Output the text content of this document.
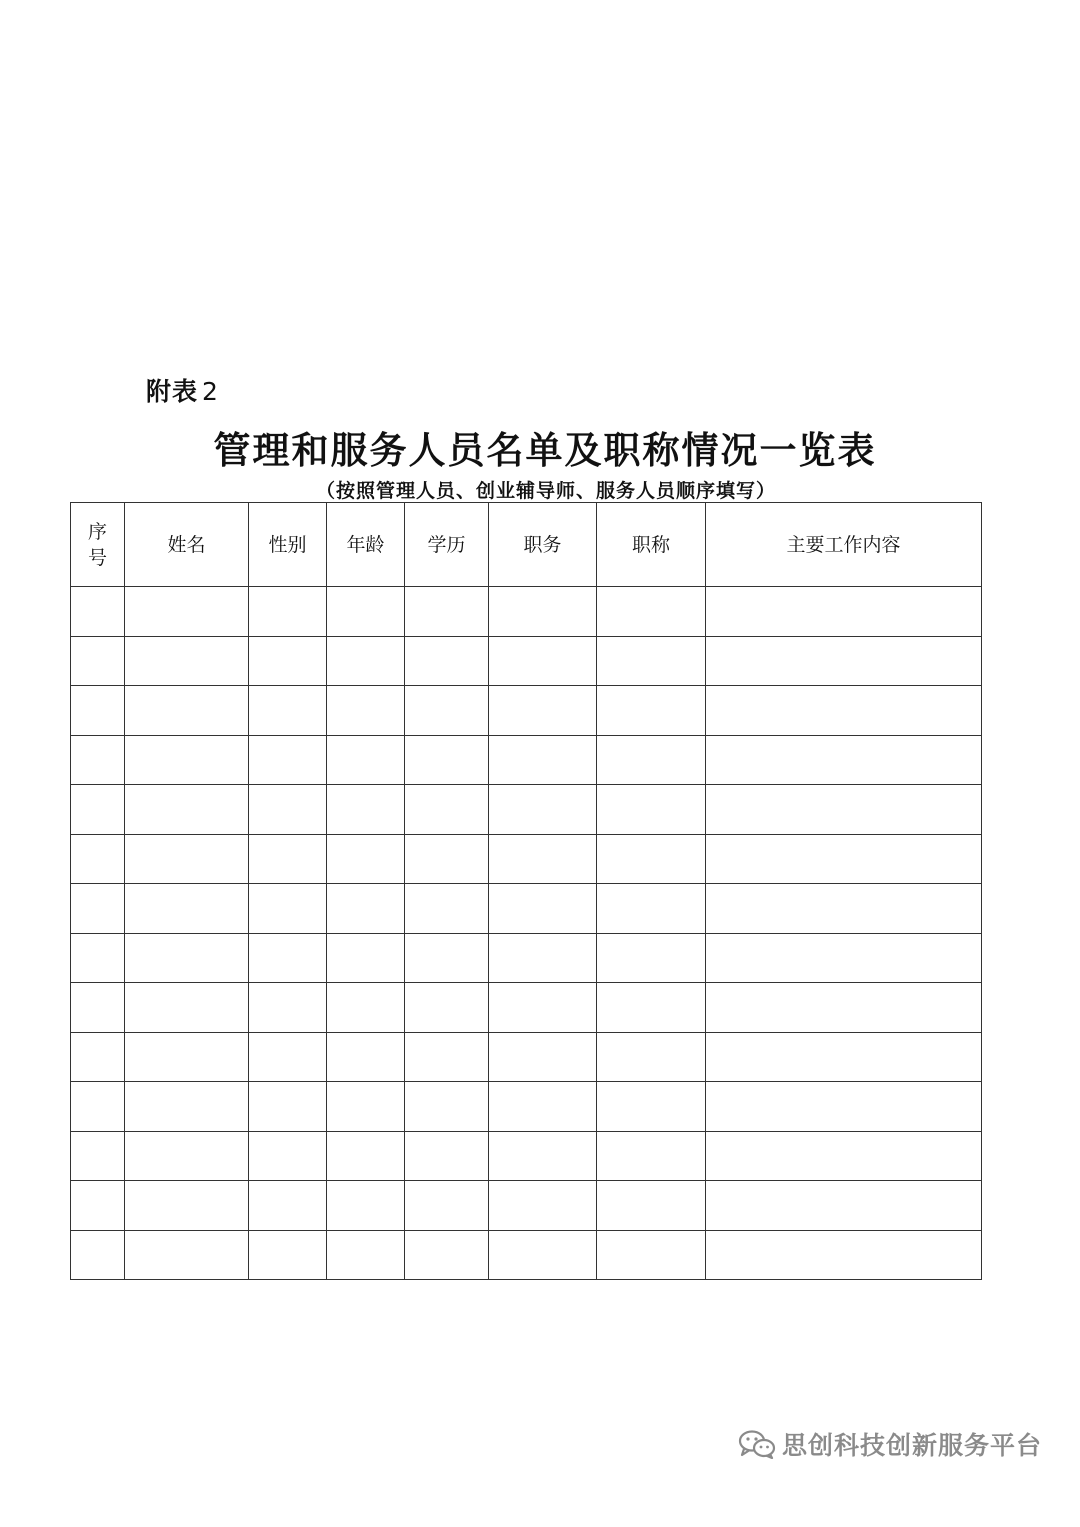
附表 2
管理和服务人员名单及职称情况一览表
（按照管理人员、创业辅导师、服务人员顺序填写）
序
号	姓名	性别	年龄	学历	职务	职称	主要工作内容

思创科技创新服务平台
